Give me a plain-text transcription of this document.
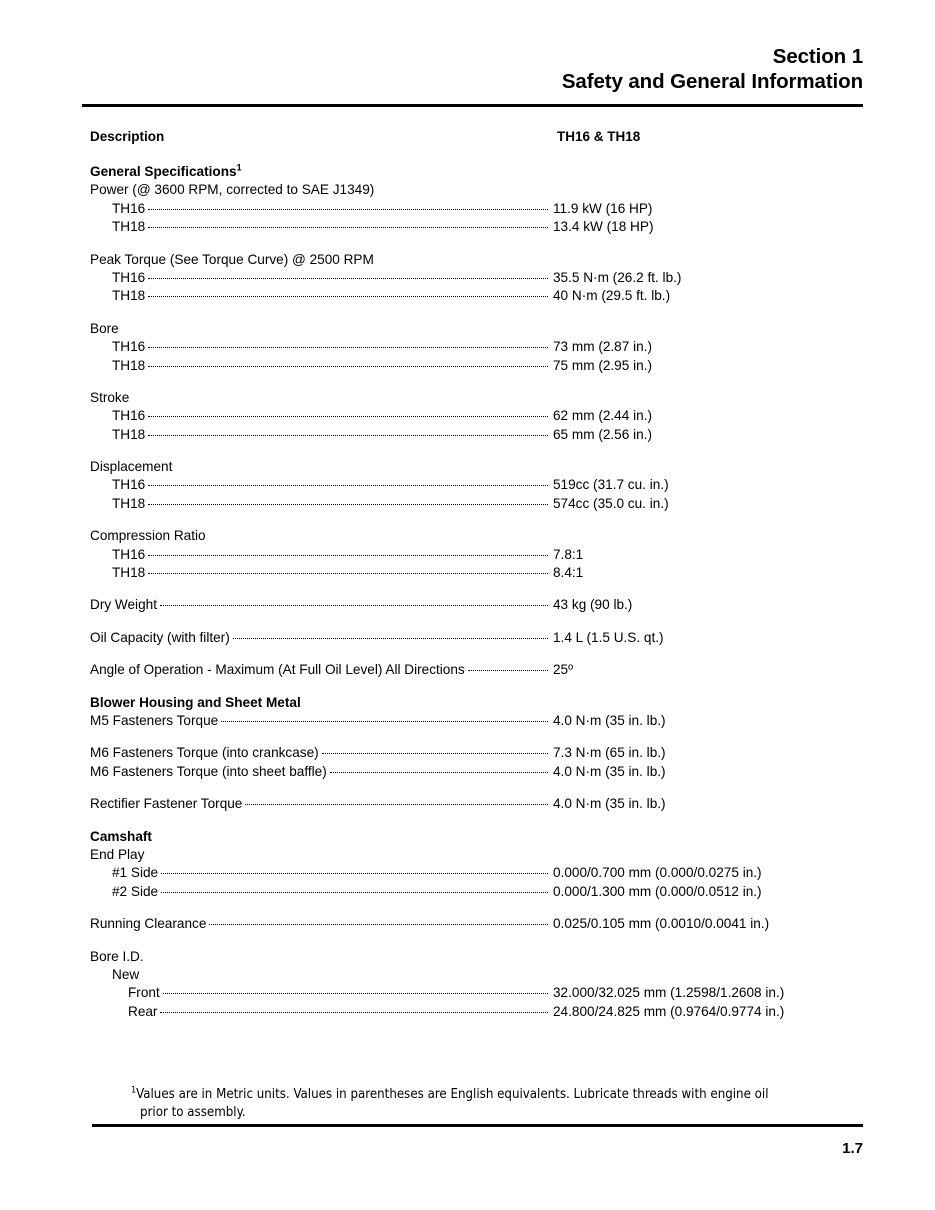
Section 1
Safety and General Information
Description	TH16 & TH18
General Specifications$^1$
Power (@ 3600 RPM, corrected to SAE J1349)
TH16	11.9 kW (16 HP)
TH18	13.4 kW (18 HP)
Peak Torque (See Torque Curve) @ 2500 RPM
TH16	35.5 N·m (26.2 ft. lb.)
TH18	40 N·m (29.5 ft. lb.)
Bore
TH16	73 mm (2.87 in.)
TH18	75 mm (2.95 in.)
Stroke
TH16	62 mm (2.44 in.)
TH18	65 mm (2.56 in.)
Displacement
TH16	519cc (31.7 cu. in.)
TH18	574cc (35.0 cu. in.)
Compression Ratio
TH16	7.8:1
TH18	8.4:1
Dry Weight	43 kg (90 lb.)
Oil Capacity (with filter)	1.4 L (1.5 U.S. qt.)
Angle of Operation - Maximum (At Full Oil Level) All Directions	25º
Blower Housing and Sheet Metal
M5 Fasteners Torque	4.0 N·m (35 in. lb.)
M6 Fasteners Torque (into crankcase)	7.3 N·m (65 in. lb.)
M6 Fasteners Torque (into sheet baffle)	4.0 N·m (35 in. lb.)
Rectifier Fastener Torque	4.0 N·m (35 in. lb.)
Camshaft
End Play
#1 Side	0.000/0.700 mm (0.000/0.0275 in.)
#2 Side	0.000/1.300 mm (0.000/0.0512 in.)
Running Clearance	0.025/0.105 mm (0.0010/0.0041 in.)
Bore I.D.
New
Front	32.000/32.025 mm (1.2598/1.2608 in.)
Rear	24.800/24.825 mm (0.9764/0.9774 in.)
$^1$Values are in Metric units. Values in parentheses are English equivalents. Lubricate threads with engine oil
prior to assembly.
1.7
